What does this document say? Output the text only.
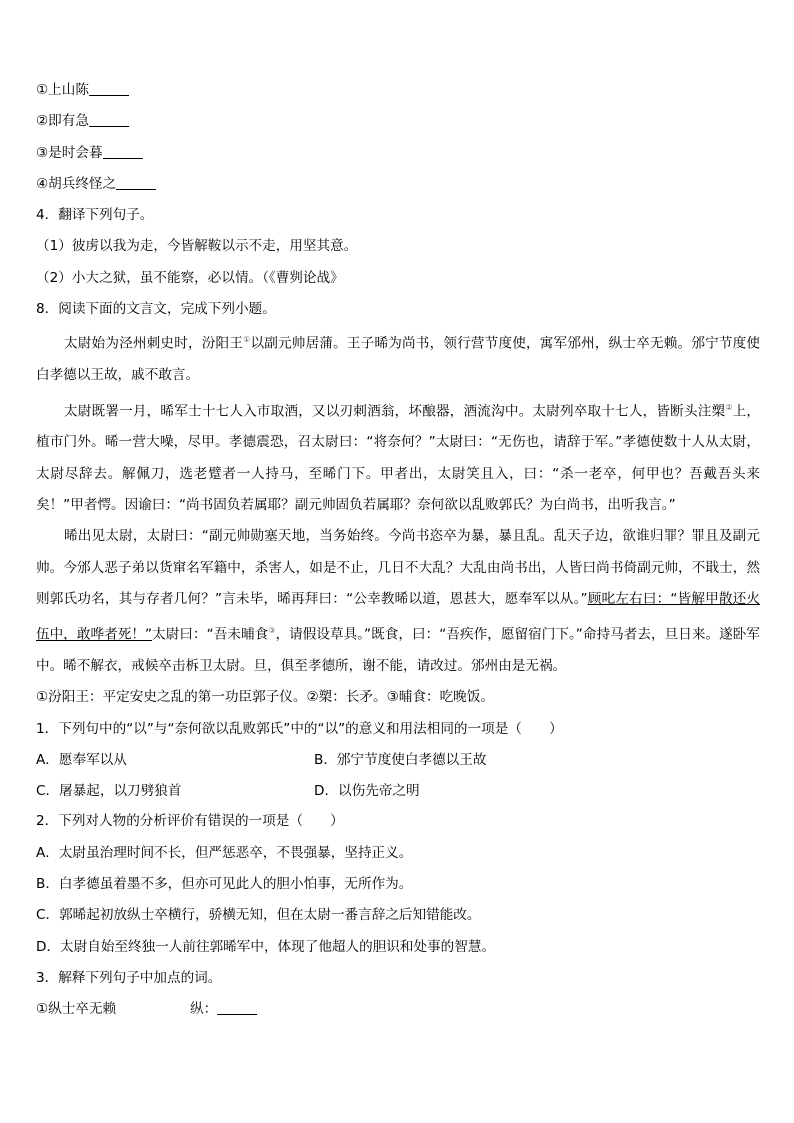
①上山陈
②即有急
③是时会暮
④胡兵终怪之
4．翻译下列句子。
（1）彼虏以我为走，今皆解鞍以示不走，用坚其意。
（2）小大之狱，虽不能察，必以情。（《曹刿论战》
8．阅读下面的文言文，完成下列小题。

太尉始为泾州刺史时，汾阳王①以副元帅居蒲。王子晞为尚书，领行营节度使，寓军邠州，纵士卒无赖。邠宁节度使白孝德以王故，戚不敢言。

太尉既署一月，晞军士十七人入市取酒，又以刃刺酒翁，坏酿器，酒流沟中。太尉列卒取十七人，皆断头注槊②上，植市门外。晞一营大噪，尽甲。孝德震恐，召太尉曰：“将奈何？”太尉曰：“无伤也，请辞于军。”孝德使数十人从太尉，太尉尽辞去。解佩刀，选老躄者一人持马，至晞门下。甲者出，太尉笑且入，曰：“杀一老卒，何甲也？吾戴吾头来矣！”甲者愕。因谕曰：“尚书固负若属耶？副元帅固负若属耶？奈何欲以乱败郭氏？为白尚书，出听我言。”

晞出见太尉，太尉曰：“副元帅勋塞天地，当务始终。今尚书恣卒为暴，暴且乱。乱天子边，欲谁归罪？罪且及副元帅。今邠人恶子弟以货窜名军籍中，杀害人，如是不止，几日不大乱？大乱由尚书出，人皆曰尚书倚副元帅，不戢士，然则郭氏功名，其与存者几何？”言未毕，晞再拜曰：“公幸教晞以道，恩甚大，愿奉军以从。”顾叱左右曰：“皆解甲散还火伍中，敢哗者死！”太尉曰：“吾未晡食③，请假设草具。”既食，曰：“吾疾作，愿留宿门下。”命持马者去，旦日来。遂卧军中。晞不解衣，戒候卒击柝卫太尉。旦，俱至孝德所，谢不能，请改过。邠州由是无祸。

①汾阳王：平定安史之乱的第一功臣郭子仪。②槊：长矛。③晡食：吃晚饭。

1．下列句中的“以”与“奈何欲以乱败郭氏”中的“以”的意义和用法相同的一项是（　　）

A．愿奉军以从	B．邠宁节度使白孝德以王故
C．屠暴起，以刀劈狼首	D．以伤先帝之明

2．下列对人物的分析评价有错误的一项是（　　）

A．太尉虽治理时间不长，但严惩恶卒，不畏强暴，坚持正义。

B．白孝德虽着墨不多，但亦可见此人的胆小怕事，无所作为。

C．郭晞起初放纵士卒横行，骄横无知，但在太尉一番言辞之后知错能改。

D．太尉自始至终独一人前往郭晞军中，体现了他超人的胆识和处事的智慧。

3．解释下列句子中加点的词。

①纵士卒无赖	纵：
